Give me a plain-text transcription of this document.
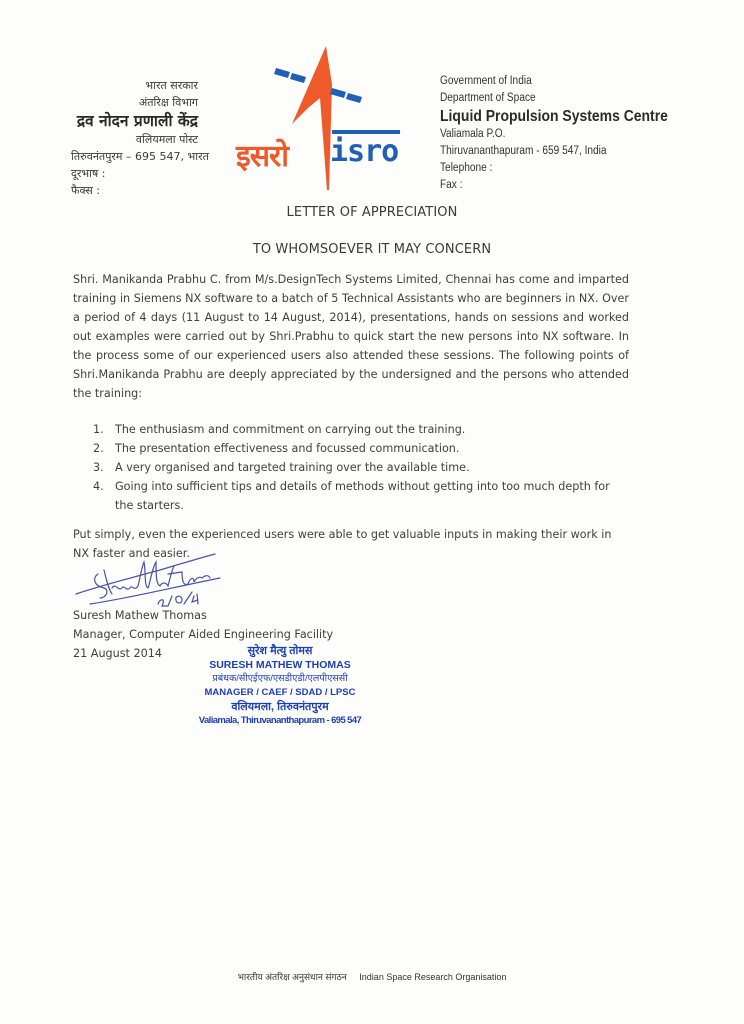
भारत सरकार
अंतरिक्ष विभाग
द्रव नोदन प्रणाली केंद्र
वलियमला पोस्ट
तिरुवनंतपुरम – 695 547, भारत
दूरभाष :
फैक्स :
इसरो isro
Government of India
Department of Space
Liquid Propulsion Systems Centre
Valiamala P.O.
Thiruvananthapuram - 659 547, India
Telephone :
Fax :
LETTER OF APPRECIATION
TO WHOMSOEVER IT MAY CONCERN

Shri. Manikanda Prabhu C. from M/s.DesignTech Systems Limited, Chennai has come and imparted training in Siemens NX software to a batch of 5 Technical Assistants who are beginners in NX. Over a period of 4 days (11 August to 14 August, 2014), presentations, hands on sessions and worked out examples were carried out by Shri.Prabhu to quick start the new persons into NX software. In the process some of our experienced users also attended these sessions. The following points of Shri.Manikanda Prabhu are deeply appreciated by the undersigned and the persons who attended the training:

1.	The enthusiasm and commitment on carrying out the training.
2.	The presentation effectiveness and focussed communication.
3.	A very organised and targeted training over the available time.
4.	Going into sufficient tips and details of methods without getting into too much depth for the starters.

Put simply, even the experienced users were able to get valuable inputs in making their work in NX faster and easier.

Suresh Mathew Thomas
Manager, Computer Aided Engineering Facility
21 August 2014	सुरेश मैत्यु तोमस
SURESH MATHEW THOMAS
प्रबंधक/सीएईएफ/एसडीएडी/एलपीएससी
MANAGER / CAEF / SDAD / LPSC
वलियमला, तिरुवनंतपुरम
Valiamala, Thiruvananthapuram - 695 547
भारतीय अंतरिक्ष अनुसंधान संगठन Indian Space Research Organisation
